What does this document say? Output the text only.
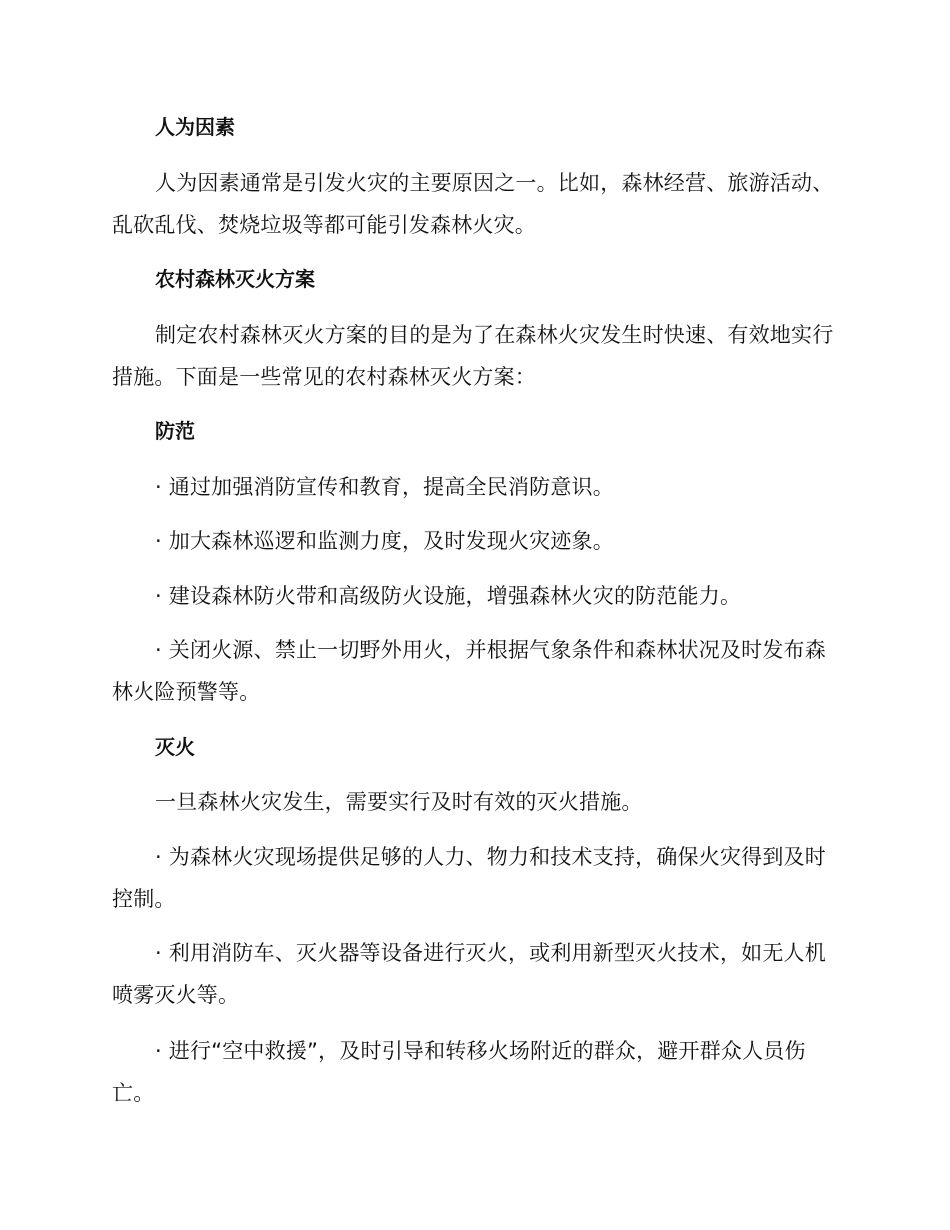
人为因素

人为因素通常是引发火灾的主要原因之一。比如，森林经营、旅游活动、乱砍乱伐、焚烧垃圾等都可能引发森林火灾。

农村森林灭火方案

制定农村森林灭火方案的目的是为了在森林火灾发生时快速、有效地实行措施。下面是一些常见的农村森林灭火方案：

防范

· 通过加强消防宣传和教育，提高全民消防意识。

· 加大森林巡逻和监测力度，及时发现火灾迹象。

· 建设森林防火带和高级防火设施，增强森林火灾的防范能力。

· 关闭火源、禁止一切野外用火，并根据气象条件和森林状况及时发布森林火险预警等。

灭火

一旦森林火灾发生，需要实行及时有效的灭火措施。

· 为森林火灾现场提供足够的人力、物力和技术支持，确保火灾得到及时控制。

· 利用消防车、灭火器等设备进行灭火，或利用新型灭火技术，如无人机喷雾灭火等。

· 进行“空中救援”，及时引导和转移火场附近的群众，避开群众人员伤亡。
